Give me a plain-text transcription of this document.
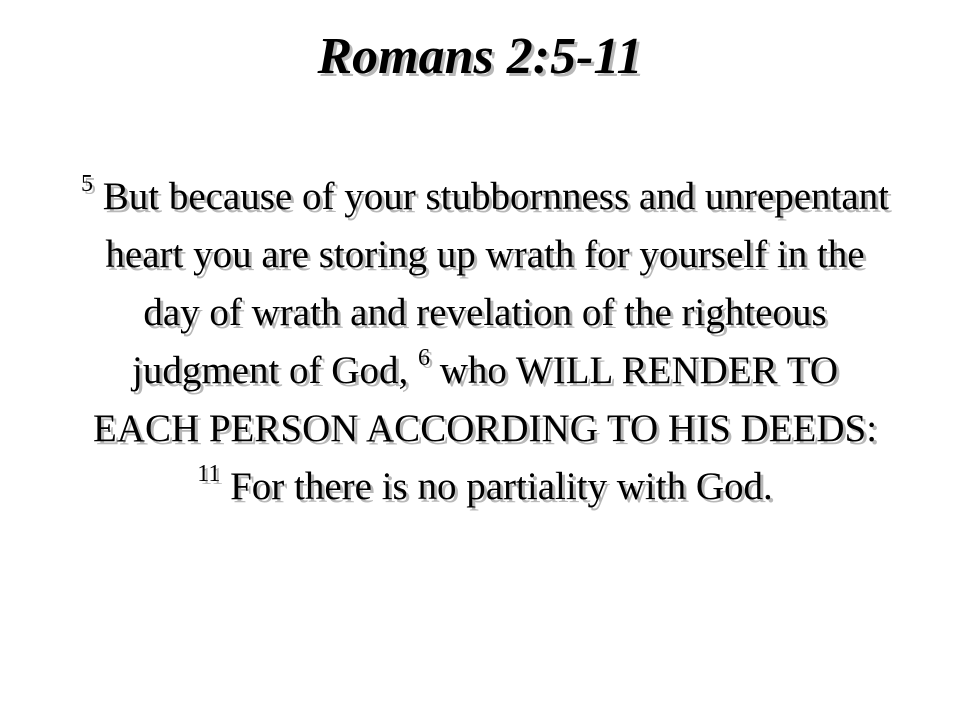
Romans 2:5-11
$^5$ But because of your stubbornness and unrepentant heart you are storing up wrath for yourself in the day of wrath and revelation of the righteous judgment of God, $^6$ who WILL RENDER TO EACH PERSON ACCORDING TO HIS DEEDS: $^{11}$ For there is no partiality with God.
